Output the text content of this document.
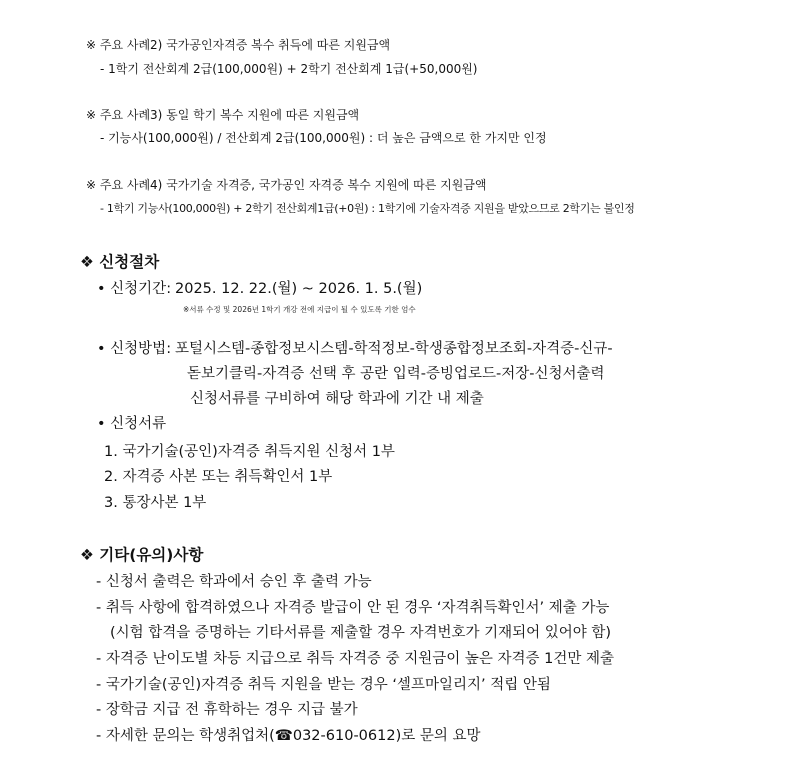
※ 주요 사례2) 국가공인자격증 복수 취득에 따른 지원금액
- 1학기 전산회계 2급(100,000원) + 2학기 전산회계 1급(+50,000원)
※ 주요 사례3) 동일 학기 복수 지원에 따른 지원금액
- 기능사(100,000원) / 전산회계 2급(100,000원) : 더 높은 금액으로 한 가지만 인정
※ 주요 사례4) 국가기술 자격증, 국가공인 자격증 복수 지원에 따른 지원금액
- 1학기 기능사(100,000원) + 2학기 전산회계1급(+0원) : 1학기에 기술자격증 지원을 받았으므로 2학기는 불인정
❖ 신청절차
• 신청기간: 2025. 12. 22.(월) ~ 2026. 1. 5.(월)
※서류 수정 및 2026년 1학기 개강 전에 지급이 될 수 있도록 기한 엄수
• 신청방법: 포털시스템-종합정보시스템-학적정보-학생종합정보조회-자격증-신규-
돋보기클릭-자격증 선택 후 공란 입력-증빙업로드-저장-신청서출력
신청서류를 구비하여 해당 학과에 기간 내 제출
• 신청서류
1. 국가기술(공인)자격증 취득지원 신청서 1부
2. 자격증 사본 또는 취득확인서 1부
3. 통장사본 1부
❖ 기타(유의)사항
- 신청서 출력은 학과에서 승인 후 출력 가능
- 취득 사항에 합격하였으나 자격증 발급이 안 된 경우 ‘자격취득확인서’ 제출 가능
(시험 합격을 증명하는 기타서류를 제출할 경우 자격번호가 기재되어 있어야 함)
- 자격증 난이도별 차등 지급으로 취득 자격증 중 지원금이 높은 자격증 1건만 제출
- 국가기술(공인)자격증 취득 지원을 받는 경우 ‘셀프마일리지’ 적립 안됨
- 장학금 지급 전 휴학하는 경우 지급 불가
- 자세한 문의는 학생취업처(☎032-610-0612)로 문의 요망
